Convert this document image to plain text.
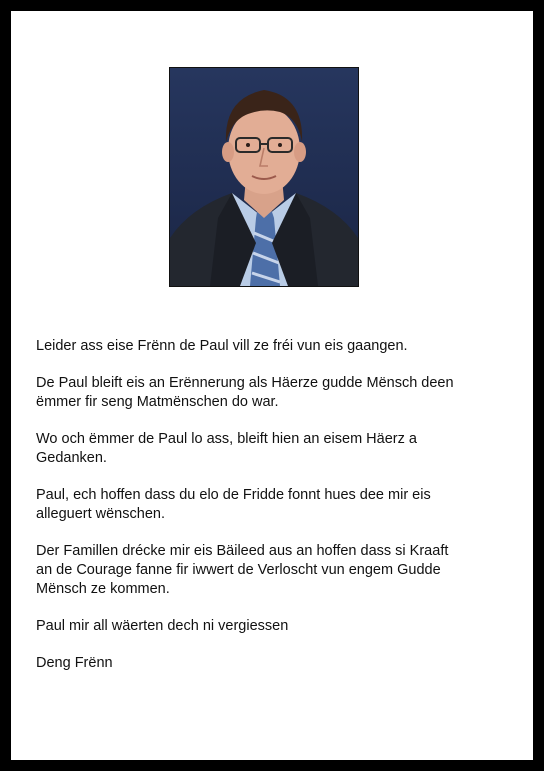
Leider ass eise Frënn de Paul vill ze fréi vun eis gaangen.

De Paul bleift eis an Erënnerung als Häerze gudde Mënsch deen
ëmmer fir seng Matmënschen do war.

Wo och ëmmer de Paul lo ass, bleift hien an eisem Häerz a
Gedanken.

Paul, ech hoffen dass du elo de Fridde fonnt hues dee mir eis
alleguert wënschen.

Der Famillen drécke mir eis Bäileed aus an hoffen dass si Kraaft
an de Courage fanne fir iwwert de Verloscht vun engem Gudde
Mënsch ze kommen.

Paul mir all wäerten dech ni vergiessen

Deng Frënn
